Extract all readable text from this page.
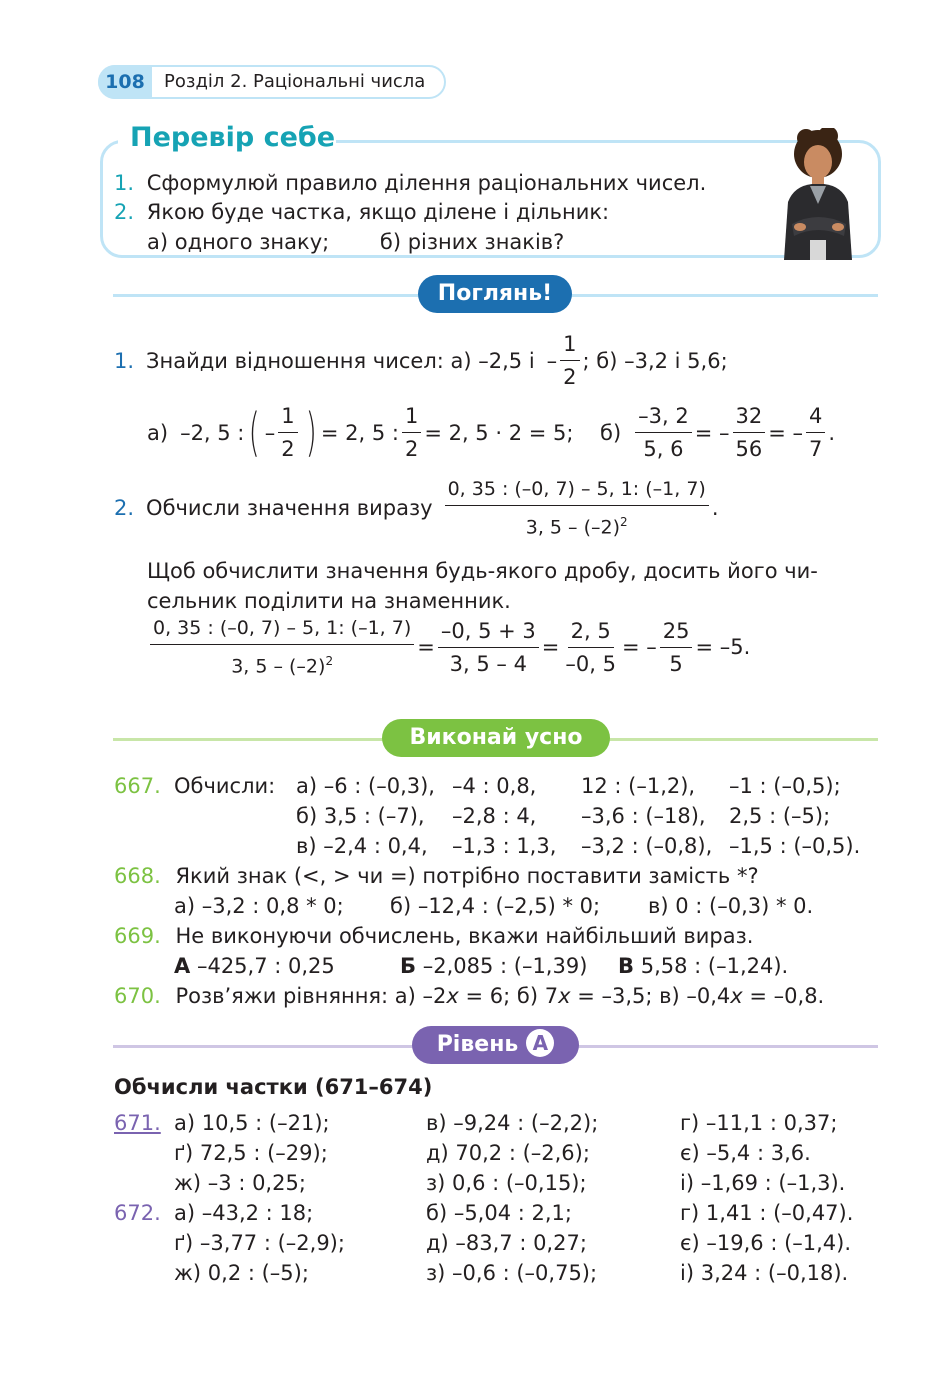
108	Розділ 2. Раціональні числа
Перевір себе
1. Сформулюй правило ділення раціональних чисел.
2. Якою буде частка, якщо ділене і дільник:
а) одного знаку; б) різних знаків?
Поглянь!
1. Знайди відношення чисел: а) –2,5 і – $\frac{1}{2}$ ; б) –3,2 і 5,6;
а) –2, 5 : ( – $\frac{1}{2}$ ) = 2, 5 : $\frac{1}{2} = 2$, 5 · 2 = 5; $б) \frac{-3, 2}{5, 6}$ = – $\frac{32}{56}$ = – $\frac{4}{7}$ .
2. Обчисли значення виразу $\frac{0, 35 : (-0, 7) - 5, 1: (-1, 7)}{3, 5 - (-2)^2}$ .
Щоб обчислити значення будь-якого дробу, досить його чи-
сельник поділити на знаменник.
$\frac{0, 35 : (-0, 7) - 5, 1: (-1, 7)}{3, 5 - (-2)^2} = \frac{-0, 5 + 3}{3, 5 - 4} = \frac{2, 5}{-0, 5}$ = – $\frac{25}{5} = -5$.
Виконай усно
667. Обчисли: а) –6 : (–0,3), –4 : 0,8, 12 : (–1,2), –1 : (–0,5);
б) 3,5 : (–7), –2,8 : 4, –3,6 : (–18), 2,5 : (–5);
в) –2,4 : 0,4, –1,3 : 1,3, –3,2 : (–0,8), –1,5 : (–0,5).
668. Який знак (<, > чи =) потрібно поставити замість *?
а) –3,2 : 0,8 * 0; б) –12,4 : (–2,5) * 0; в) 0 : (–0,3) * 0.
669. Не виконуючи обчислень, вкажи найбільший вираз.
А –425,7 : 0,25	Б –2,085 : (–1,39) В 5,58 : (–1,24).
670. Розв’яжи рівняння: а) –2x = 6; б) 7x = –3,5; в) –0,4x = –0,8.
Рівень А
Обчисли частки (671–674)
671. а) 10,5 : (–21);	в) –9,24 : (–2,2);	г) –11,1 : 0,37;
ґ) 72,5 : (–29);	д) 70,2 : (–2,6);	є) –5,4 : 3,6.
ж) –3 : 0,25;	з) 0,6 : (–0,15);	і) –1,69 : (–1,3).
672. а) –43,2 : 18;	б) –5,04 : 2,1;	г) 1,41 : (–0,47).
ґ) –3,77 : (–2,9);	д) –83,7 : 0,27;	є) –19,6 : (–1,4).
ж) 0,2 : (–5);	з) –0,6 : (–0,75);	і) 3,24 : (–0,18).
